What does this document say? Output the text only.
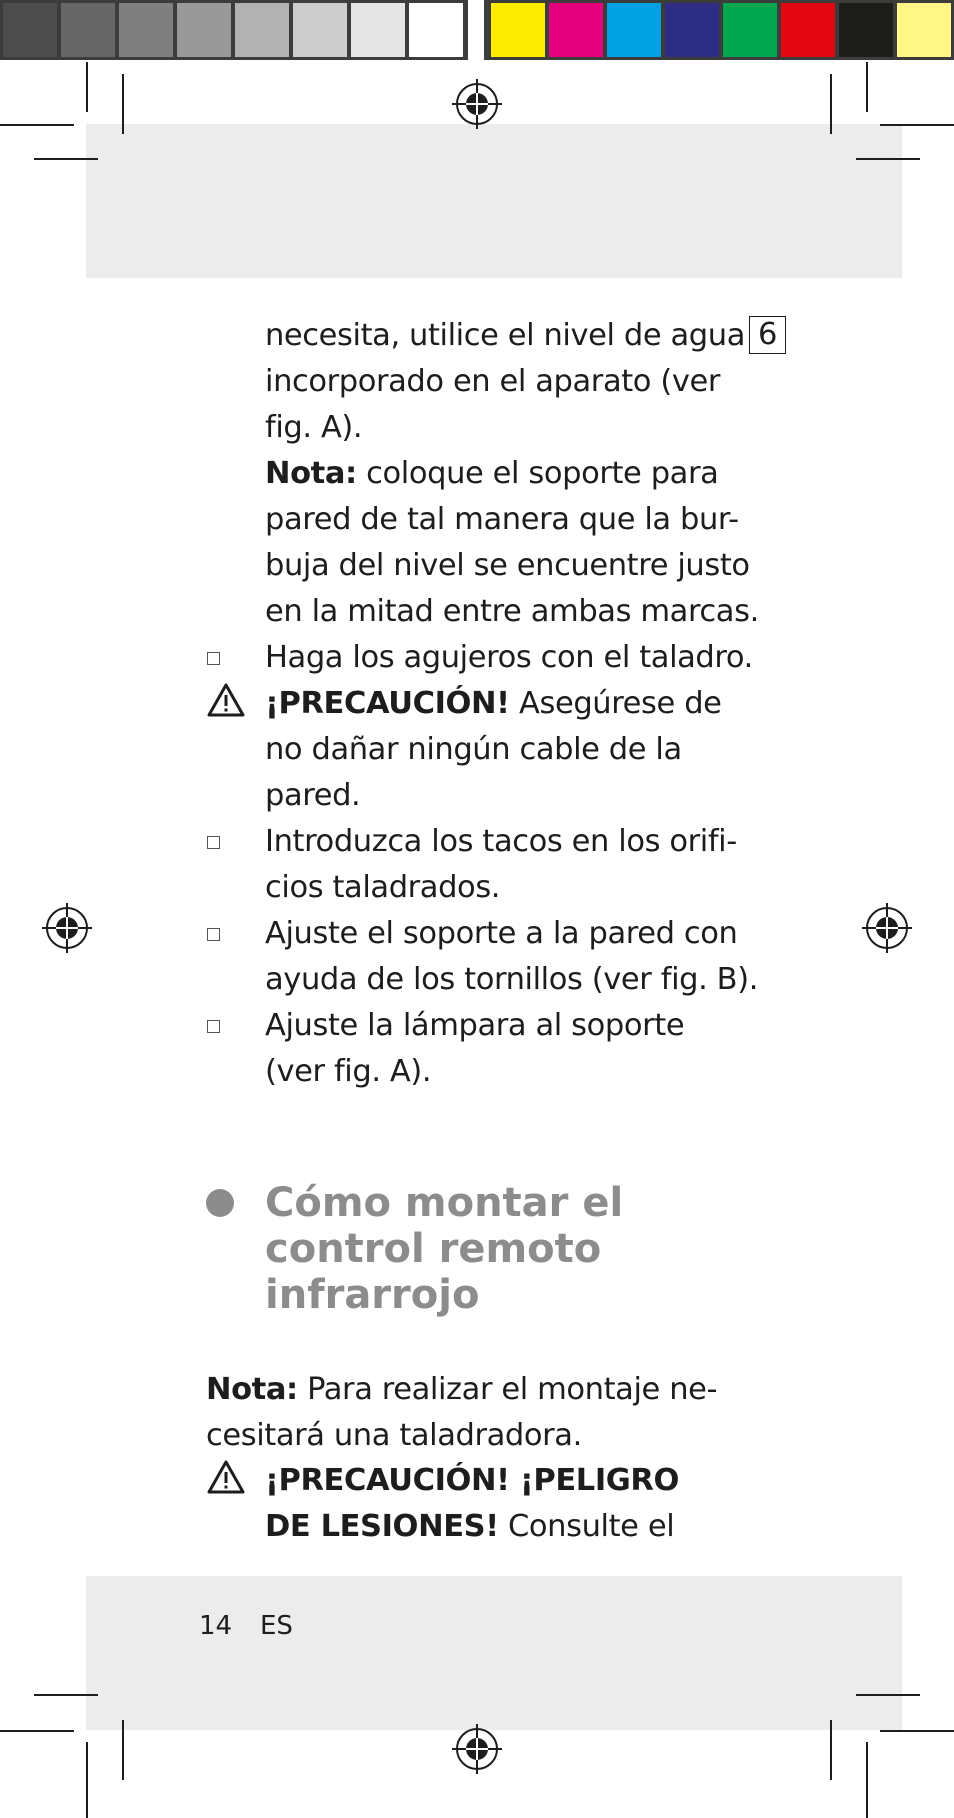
necesita, utilice el nivel de agua 6
incorporado en el aparato (ver
fig. A).
Nota: coloque el soporte para
pared de tal manera que la bur-
buja del nivel se encuentre justo
en la mitad entre ambas marcas.
Haga los agujeros con el taladro.
¡PRECAUCIÓN! Asegúrese de
no dañar ningún cable de la
pared.
Introduzca los tacos en los orifi-
cios taladrados.
Ajuste el soporte a la pared con
ayuda de los tornillos (ver fig. B).
Ajuste la lámpara al soporte
(ver fig. A).
Cómo montar el
control remoto
infrarrojo
Nota: Para realizar el montaje ne-
cesitará una taladradora.
¡PRECAUCIÓN! ¡PELIGRO
DE LESIONES! Consulte el
14 ES
